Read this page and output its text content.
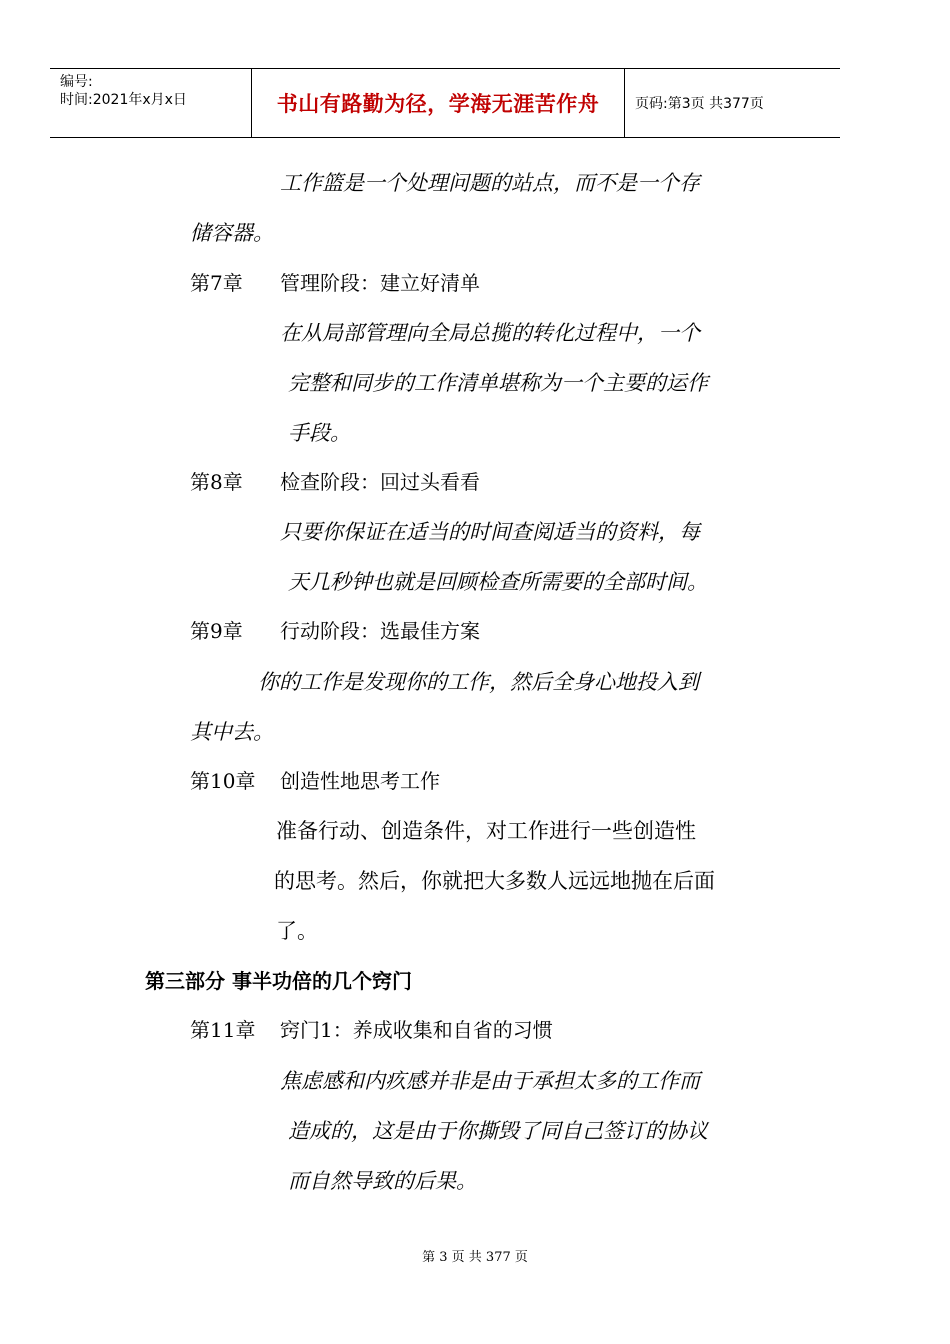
编号:
时间:2021年x月x日	书山有路勤为径，学海无涯苦作舟	页码:第3页 共377页
工作篮是一个处理问题的站点，而不是一个存
储容器。
第7章 管理阶段：建立好清单
在从局部管理向全局总揽的转化过程中，一个
完整和同步的工作清单堪称为一个主要的运作
手段。
第8章 检查阶段：回过头看看
只要你保证在适当的时间查阅适当的资料，每
天几秒钟也就是回顾检查所需要的全部时间。
第9章 行动阶段：选最佳方案
你的工作是发现你的工作，然后全身心地投入到
其中去。
第10章 创造性地思考工作
准备行动、创造条件，对工作进行一些创造性
的思考。然后，你就把大多数人远远地抛在后面
了。
第三部分 事半功倍的几个窍门
第11章 窍门1：养成收集和自省的习惯
焦虑感和内疚感并非是由于承担太多的工作而
造成的，这是由于你撕毁了同自己签订的协议
而自然导致的后果。
第 3 页 共 377 页
